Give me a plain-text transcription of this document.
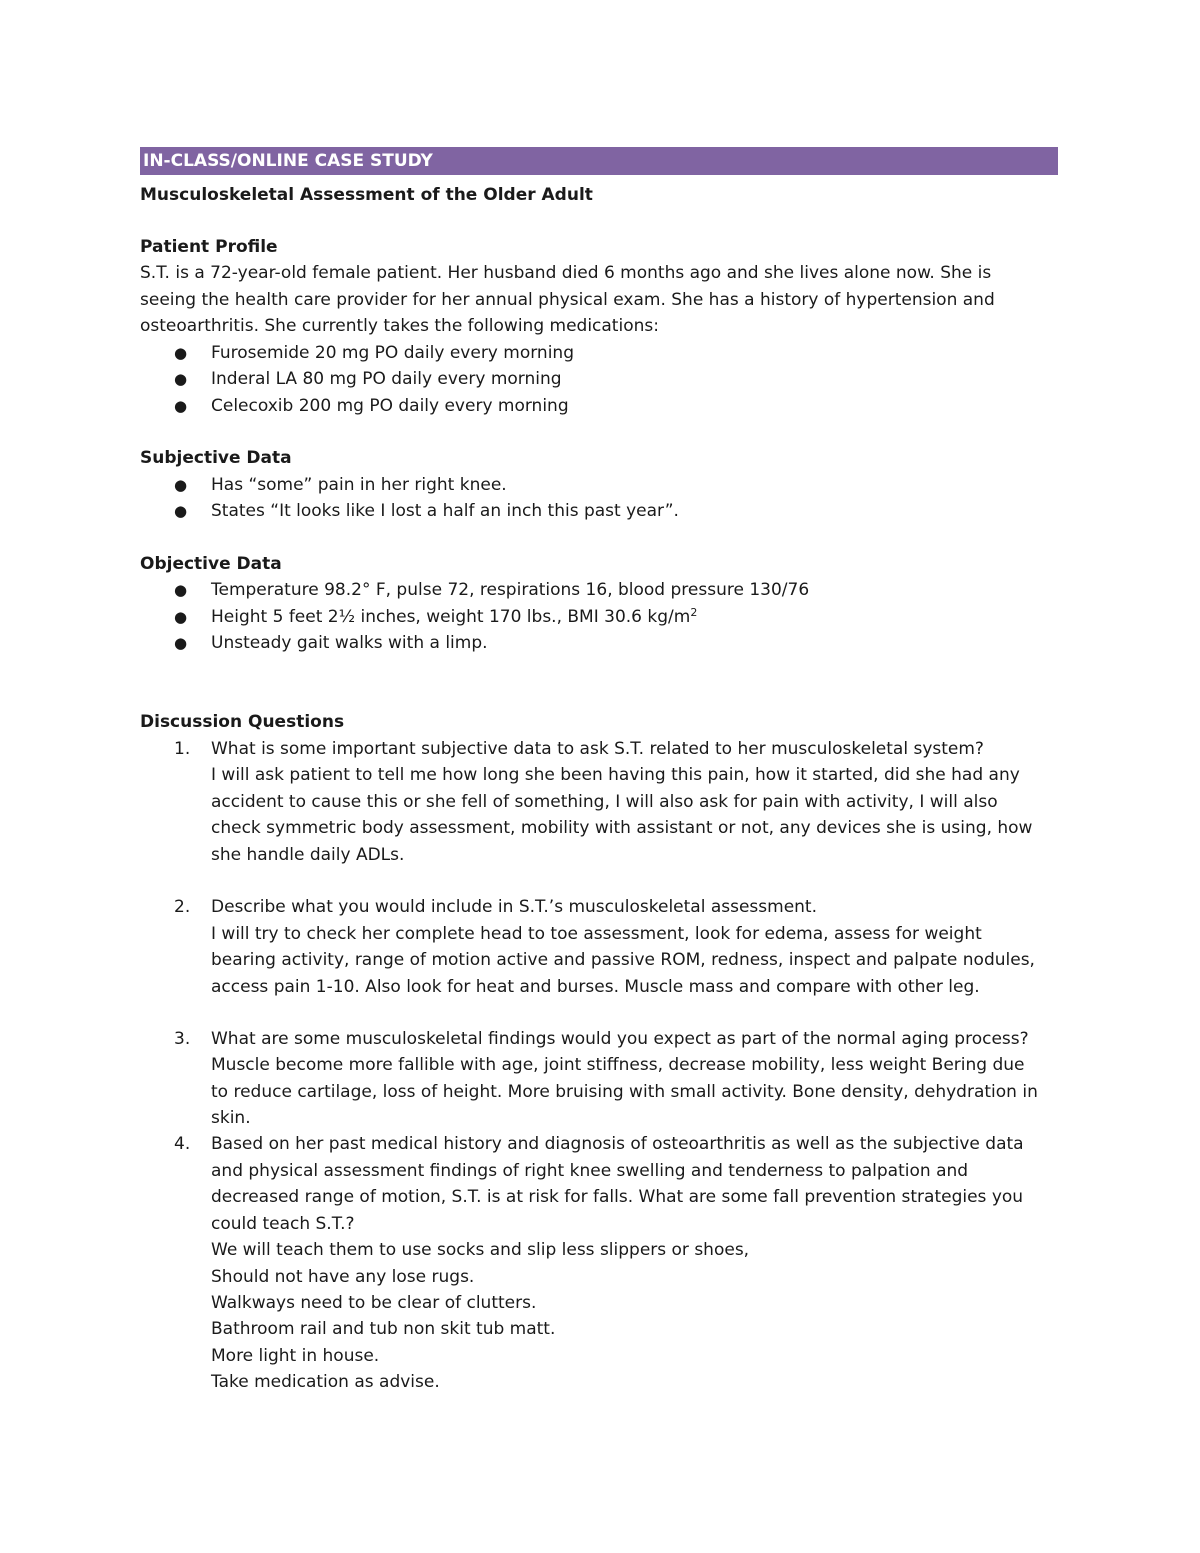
IN-CLASS/ONLINE CASE STUDY
Musculoskeletal Assessment of the Older Adult
Patient Profile
S.T. is a 72-year-old female patient. Her husband died 6 months ago and she lives alone now. She is
seeing the health care provider for her annual physical exam. She has a history of hypertension and
osteoarthritis. She currently takes the following medications:
● Furosemide 20 mg PO daily every morning
● Inderal LA 80 mg PO daily every morning
● Celecoxib 200 mg PO daily every morning
Subjective Data
● Has “some” pain in her right knee.
● States “It looks like I lost a half an inch this past year”.
Objective Data
● Temperature 98.2° F, pulse 72, respirations 16, blood pressure 130/76
● Height 5 feet 2½ inches, weight 170 lbs., BMI 30.6 $kg/m^2$
● Unsteady gait walks with a limp.
Discussion Questions
1. What is some important subjective data to ask S.T. related to her musculoskeletal system?
I will ask patient to tell me how long she been having this pain, how it started, did she had any
accident to cause this or she fell of something, I will also ask for pain with activity, I will also
check symmetric body assessment, mobility with assistant or not, any devices she is using, how
she handle daily ADLs.
2. Describe what you would include in S.T.’s musculoskeletal assessment.
I will try to check her complete head to toe assessment, look for edema, assess for weight
bearing activity, range of motion active and passive ROM, redness, inspect and palpate nodules,
access pain 1-10. Also look for heat and burses. Muscle mass and compare with other leg.
3. What are some musculoskeletal findings would you expect as part of the normal aging process?
Muscle become more fallible with age, joint stiffness, decrease mobility, less weight Bering due
to reduce cartilage, loss of height. More bruising with small activity. Bone density, dehydration in
skin.
4. Based on her past medical history and diagnosis of osteoarthritis as well as the subjective data
and physical assessment findings of right knee swelling and tenderness to palpation and
decreased range of motion, S.T. is at risk for falls. What are some fall prevention strategies you
could teach S.T.?
We will teach them to use socks and slip less slippers or shoes,
Should not have any lose rugs.
Walkways need to be clear of clutters.
Bathroom rail and tub non skit tub matt.
More light in house.
Take medication as advise.
